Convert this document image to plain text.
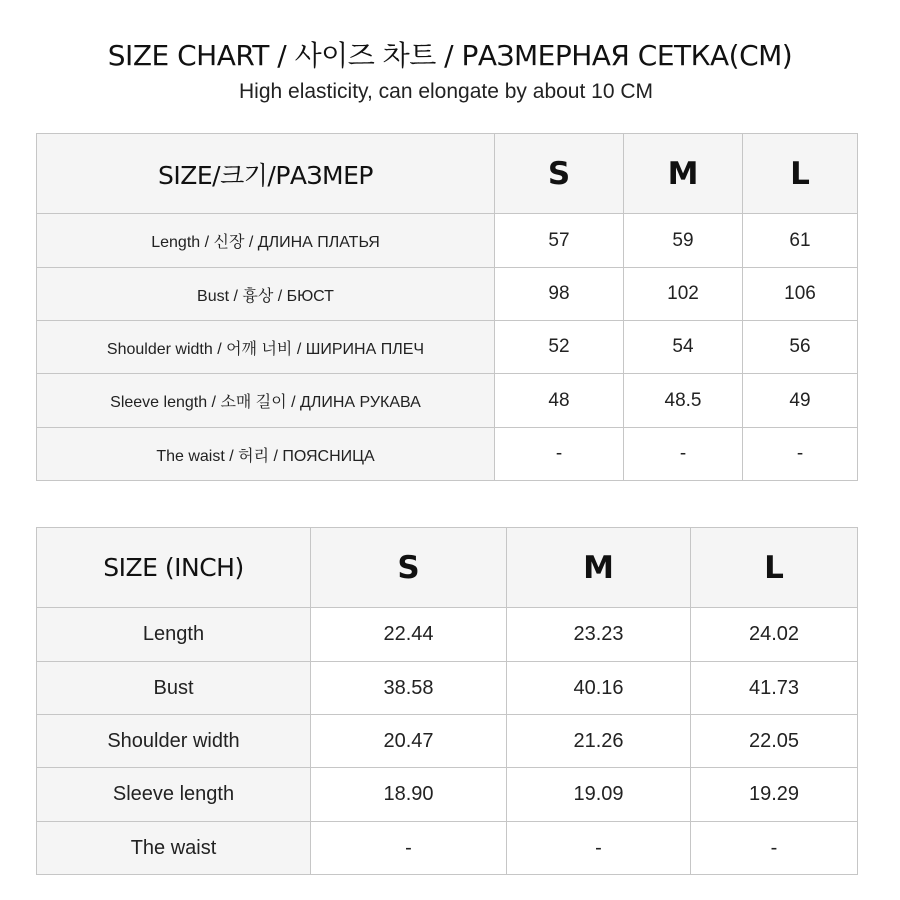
SIZE CHART / 사이즈 차트 / РАЗМЕРНАЯ СЕТКА(CM)
High elasticity, can elongate by about 10 CM
SIZE/크기/РАЗМЕР	S	M	L
Length / 신장 / ДЛИНА ПЛАТЬЯ	57	59	61
Bust / 흉상 / БЮСТ	98	102	106
Shoulder width / 어깨 너비 / ШИРИНА ПЛЕЧ	52	54	56
Sleeve length / 소매 길이 / ДЛИНА РУКАВА	48	48.5	49
The waist / 허리 / ПОЯСНИЦА	-	-	-
SIZE (INCH)	S	M	L
Length	22.44	23.23	24.02
Bust	38.58	40.16	41.73
Shoulder width	20.47	21.26	22.05
Sleeve length	18.90	19.09	19.29
The waist	-	-	-
